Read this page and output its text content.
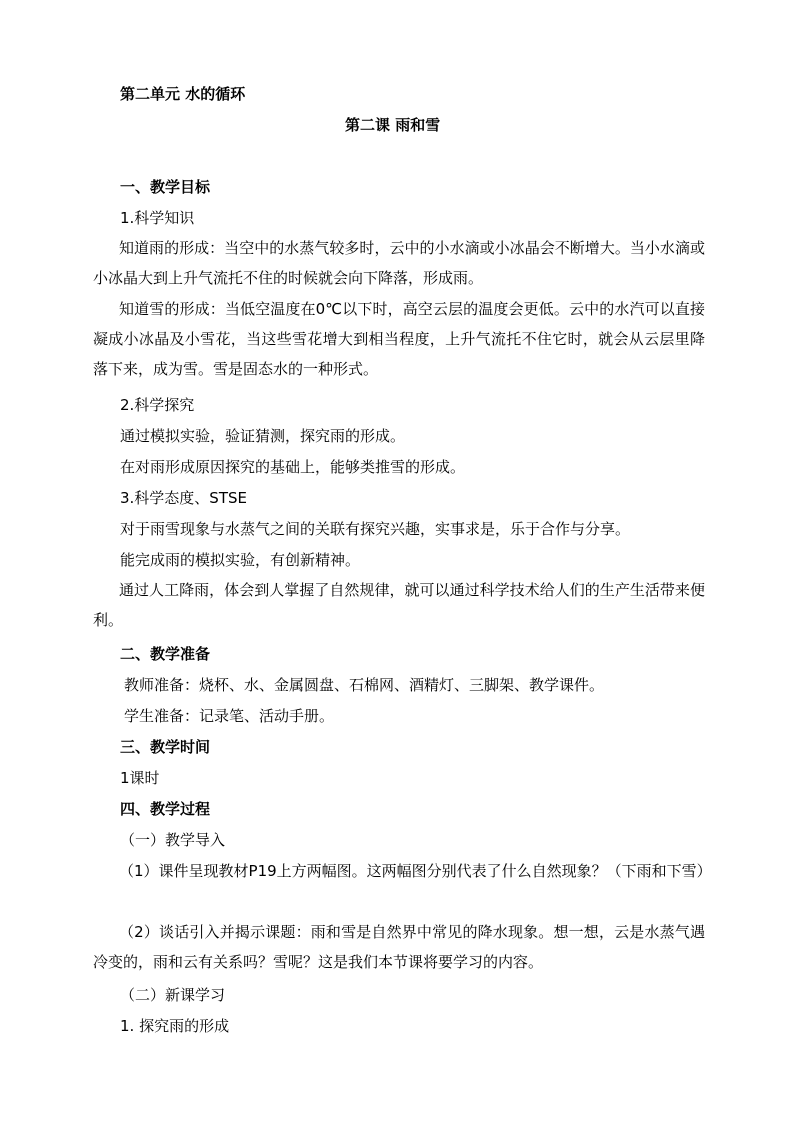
第二单元 水的循环
第二课 雨和雪
一、教学目标
1.科学知识
知道雨的形成：当空中的水蒸气较多时，云中的小水滴或小冰晶会不断增大。当小水滴或小冰晶大到上升气流托不住的时候就会向下降落，形成雨。
知道雪的形成：当低空温度在0℃以下时，高空云层的温度会更低。云中的水汽可以直接凝成小冰晶及小雪花，当这些雪花增大到相当程度，上升气流托不住它时，就会从云层里降落下来，成为雪。雪是固态水的一种形式。
2.科学探究
通过模拟实验，验证猜测，探究雨的形成。
在对雨形成原因探究的基础上，能够类推雪的形成。
3.科学态度、STSE
对于雨雪现象与水蒸气之间的关联有探究兴趣，实事求是，乐于合作与分享。
能完成雨的模拟实验，有创新精神。
通过人工降雨，体会到人掌握了自然规律，就可以通过科学技术给人们的生产生活带来便利。
二、教学准备
教师准备：烧杯、水、金属圆盘、石棉网、酒精灯、三脚架、教学课件。
学生准备：记录笔、活动手册。
三、教学时间
1课时
四、教学过程
（一）教学导入
（1）课件呈现教材P19上方两幅图。这两幅图分别代表了什么自然现象？（下雨和下雪）
（2）谈话引入并揭示课题：雨和雪是自然界中常见的降水现象。想一想，云是水蒸气遇冷变的，雨和云有关系吗？雪呢？这是我们本节课将要学习的内容。
（二）新课学习
1. 探究雨的形成
